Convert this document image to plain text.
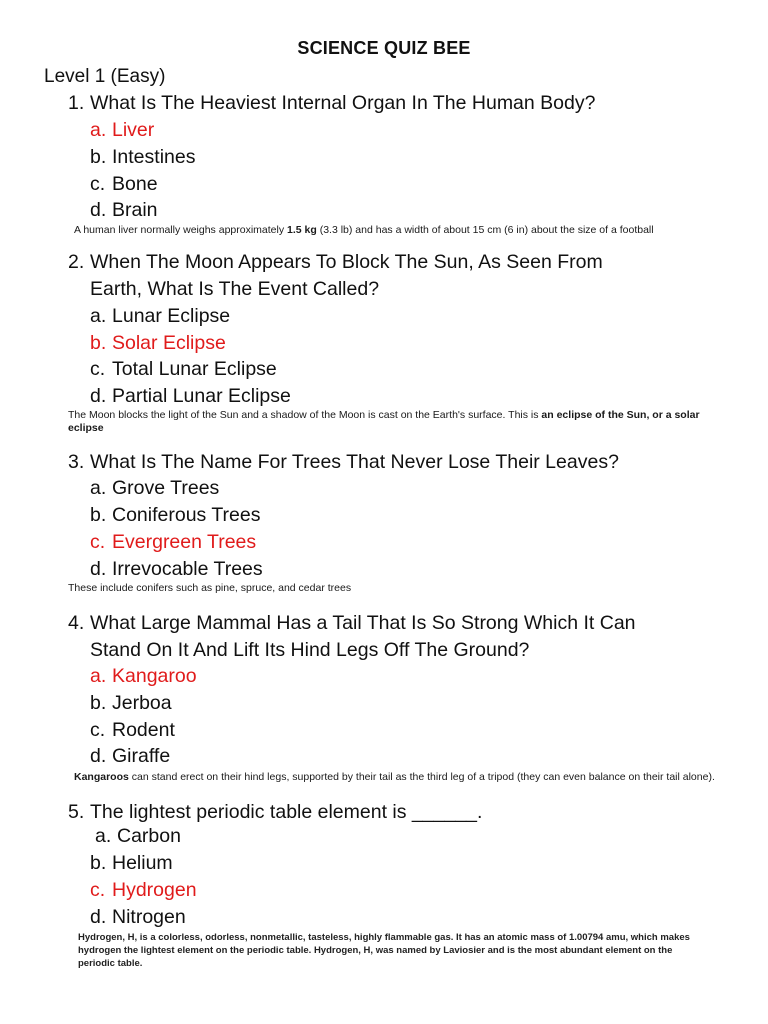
SCIENCE QUIZ BEE
Level 1 (Easy)
1. What Is The Heaviest Internal Organ In The Human Body?
a. Liver
b. Intestines
c. Bone
d. Brain
A human liver normally weighs approximately 1.5 kg (3.3 lb) and has a width of about 15 cm (6 in) about the size of a football
2. When The Moon Appears To Block The Sun, As Seen From
Earth, What Is The Event Called?
a. Lunar Eclipse
b. Solar Eclipse
c. Total Lunar Eclipse
d. Partial Lunar Eclipse
The Moon blocks the light of the Sun and a shadow of the Moon is cast on the Earth's surface. This is an eclipse of the Sun, or a solar eclipse
3. What Is The Name For Trees That Never Lose Their Leaves?
a. Grove Trees
b. Coniferous Trees
c. Evergreen Trees
d. Irrevocable Trees
These include conifers such as pine, spruce, and cedar trees
4. What Large Mammal Has a Tail That Is So Strong Which It Can
Stand On It And Lift Its Hind Legs Off The Ground?
a. Kangaroo
b. Jerboa
c. Rodent
d. Giraffe
Kangaroos can stand erect on their hind legs, supported by their tail as the third leg of a tripod (they can even balance on their tail alone).
5. The lightest periodic table element is ______.
a. Carbon
b. Helium
c. Hydrogen
d. Nitrogen
Hydrogen, H, is a colorless, odorless, nonmetallic, tasteless, highly flammable gas. It has an atomic mass of 1.00794 amu, which makes hydrogen the lightest element on the periodic table. Hydrogen, H, was named by Laviosier and is the most abundant element on the periodic table.
